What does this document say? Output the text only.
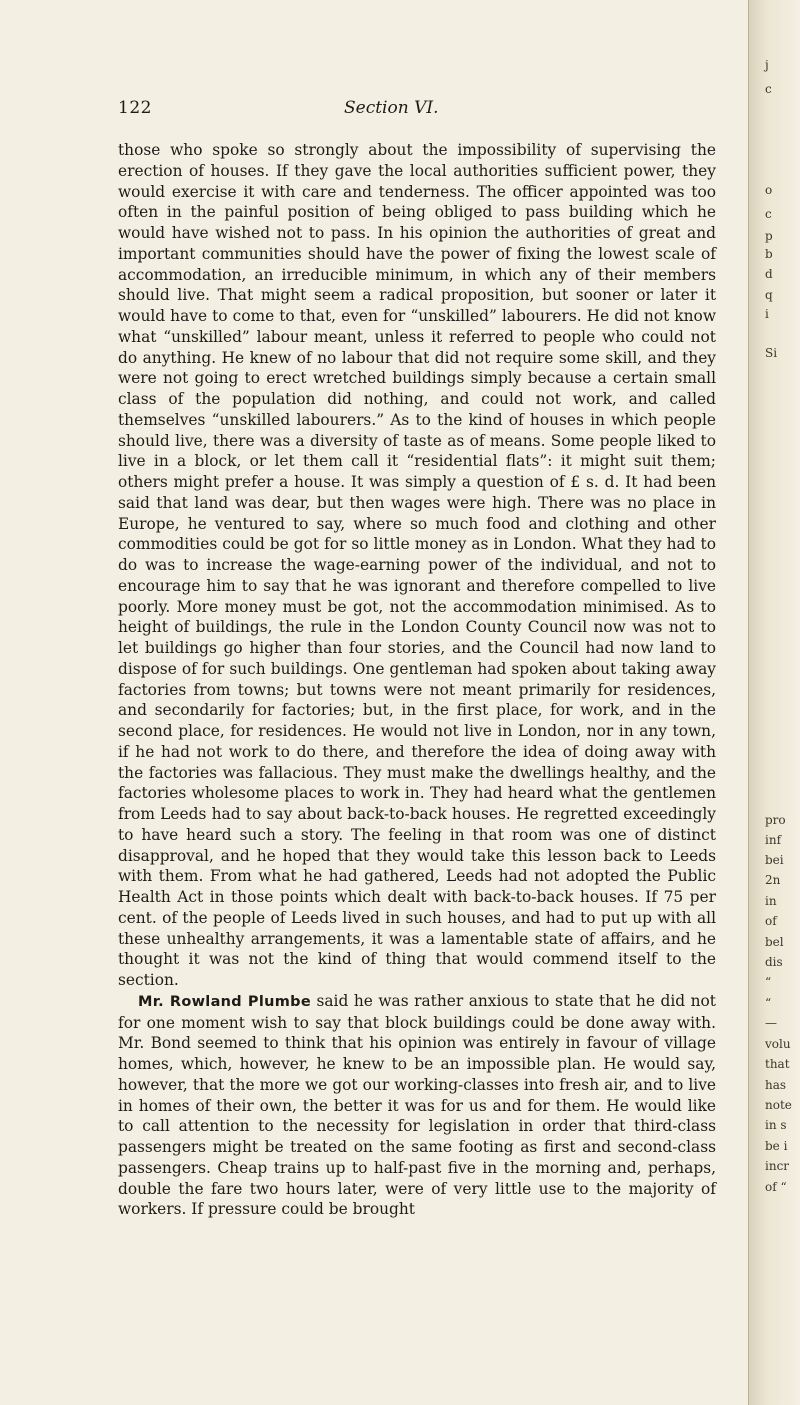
122	Section VI.

those who spoke so strongly about the impossibility of supervising the erection of houses. If they gave the local authorities sufficient power, they would exercise it with care and tenderness. The officer appointed was too often in the painful position of being obliged to pass building which he would have wished not to pass. In his opinion the authorities of great and important communities should have the power of fixing the lowest scale of accommodation, an irreducible minimum, in which any of their members should live. That might seem a radical proposition, but sooner or later it would have to come to that, even for “unskilled” labourers. He did not know what “unskilled” labour meant, unless it referred to people who could not do anything. He knew of no labour that did not require some skill, and they were not going to erect wretched buildings simply because a certain small class of the population did nothing, and could not work, and called themselves “unskilled labourers.” As to the kind of houses in which people should live, there was a diversity of taste as of means. Some people liked to live in a block, or let them call it “residential flats”: it might suit them; others might prefer a house. It was simply a question of £ s. d. It had been said that land was dear, but then wages were high. There was no place in Europe, he ventured to say, where so much food and clothing and other commodities could be got for so little money as in London. What they had to do was to increase the wage-earning power of the individual, and not to encourage him to say that he was ignorant and therefore compelled to live poorly. More money must be got, not the accommodation minimised. As to height of buildings, the rule in the London County Council now was not to let buildings go higher than four stories, and the Council had now land to dispose of for such buildings. One gentleman had spoken about taking away factories from towns; but towns were not meant primarily for residences, and secondarily for factories; but, in the first place, for work, and in the second place, for residences. He would not live in London, nor in any town, if he had not work to do there, and therefore the idea of doing away with the factories was fallacious. They must make the dwellings healthy, and the factories wholesome places to work in. They had heard what the gentlemen from Leeds had to say about back-to-back houses. He regretted exceedingly to have heard such a story. The feeling in that room was one of distinct disapproval, and he hoped that they would take this lesson back to Leeds with them. From what he had gathered, Leeds had not adopted the Public Health Act in those points which dealt with back-to-back houses. If 75 per cent. of the people of Leeds lived in such houses, and had to put up with all these unhealthy arrangements, it was a lamentable state of affairs, and he thought it was not the kind of thing that would commend itself to the section.

Mr. Rowland Plumbe said he was rather anxious to state that he did not for one moment wish to say that block buildings could be done away with. Mr. Bond seemed to think that his opinion was entirely in favour of village homes, which, however, he knew to be an impossible plan. He would say, however, that the more we got our working-classes into fresh air, and to live in homes of their own, the better it was for us and for them. He would like to call attention to the necessity for legislation in order that third-class passengers might be treated on the same footing as first and second-class passengers. Cheap trains up to half-past five in the morning and, perhaps, double the fare two hours later, were of very little use to the majority of workers. If pressure could be brought

j
c
o
c
p
b
d
q
i
Si
pro
inf
bei
2n
in
of
bel
dis
“
“
—
volu
that
has
note
in s
be i
incr
of “
